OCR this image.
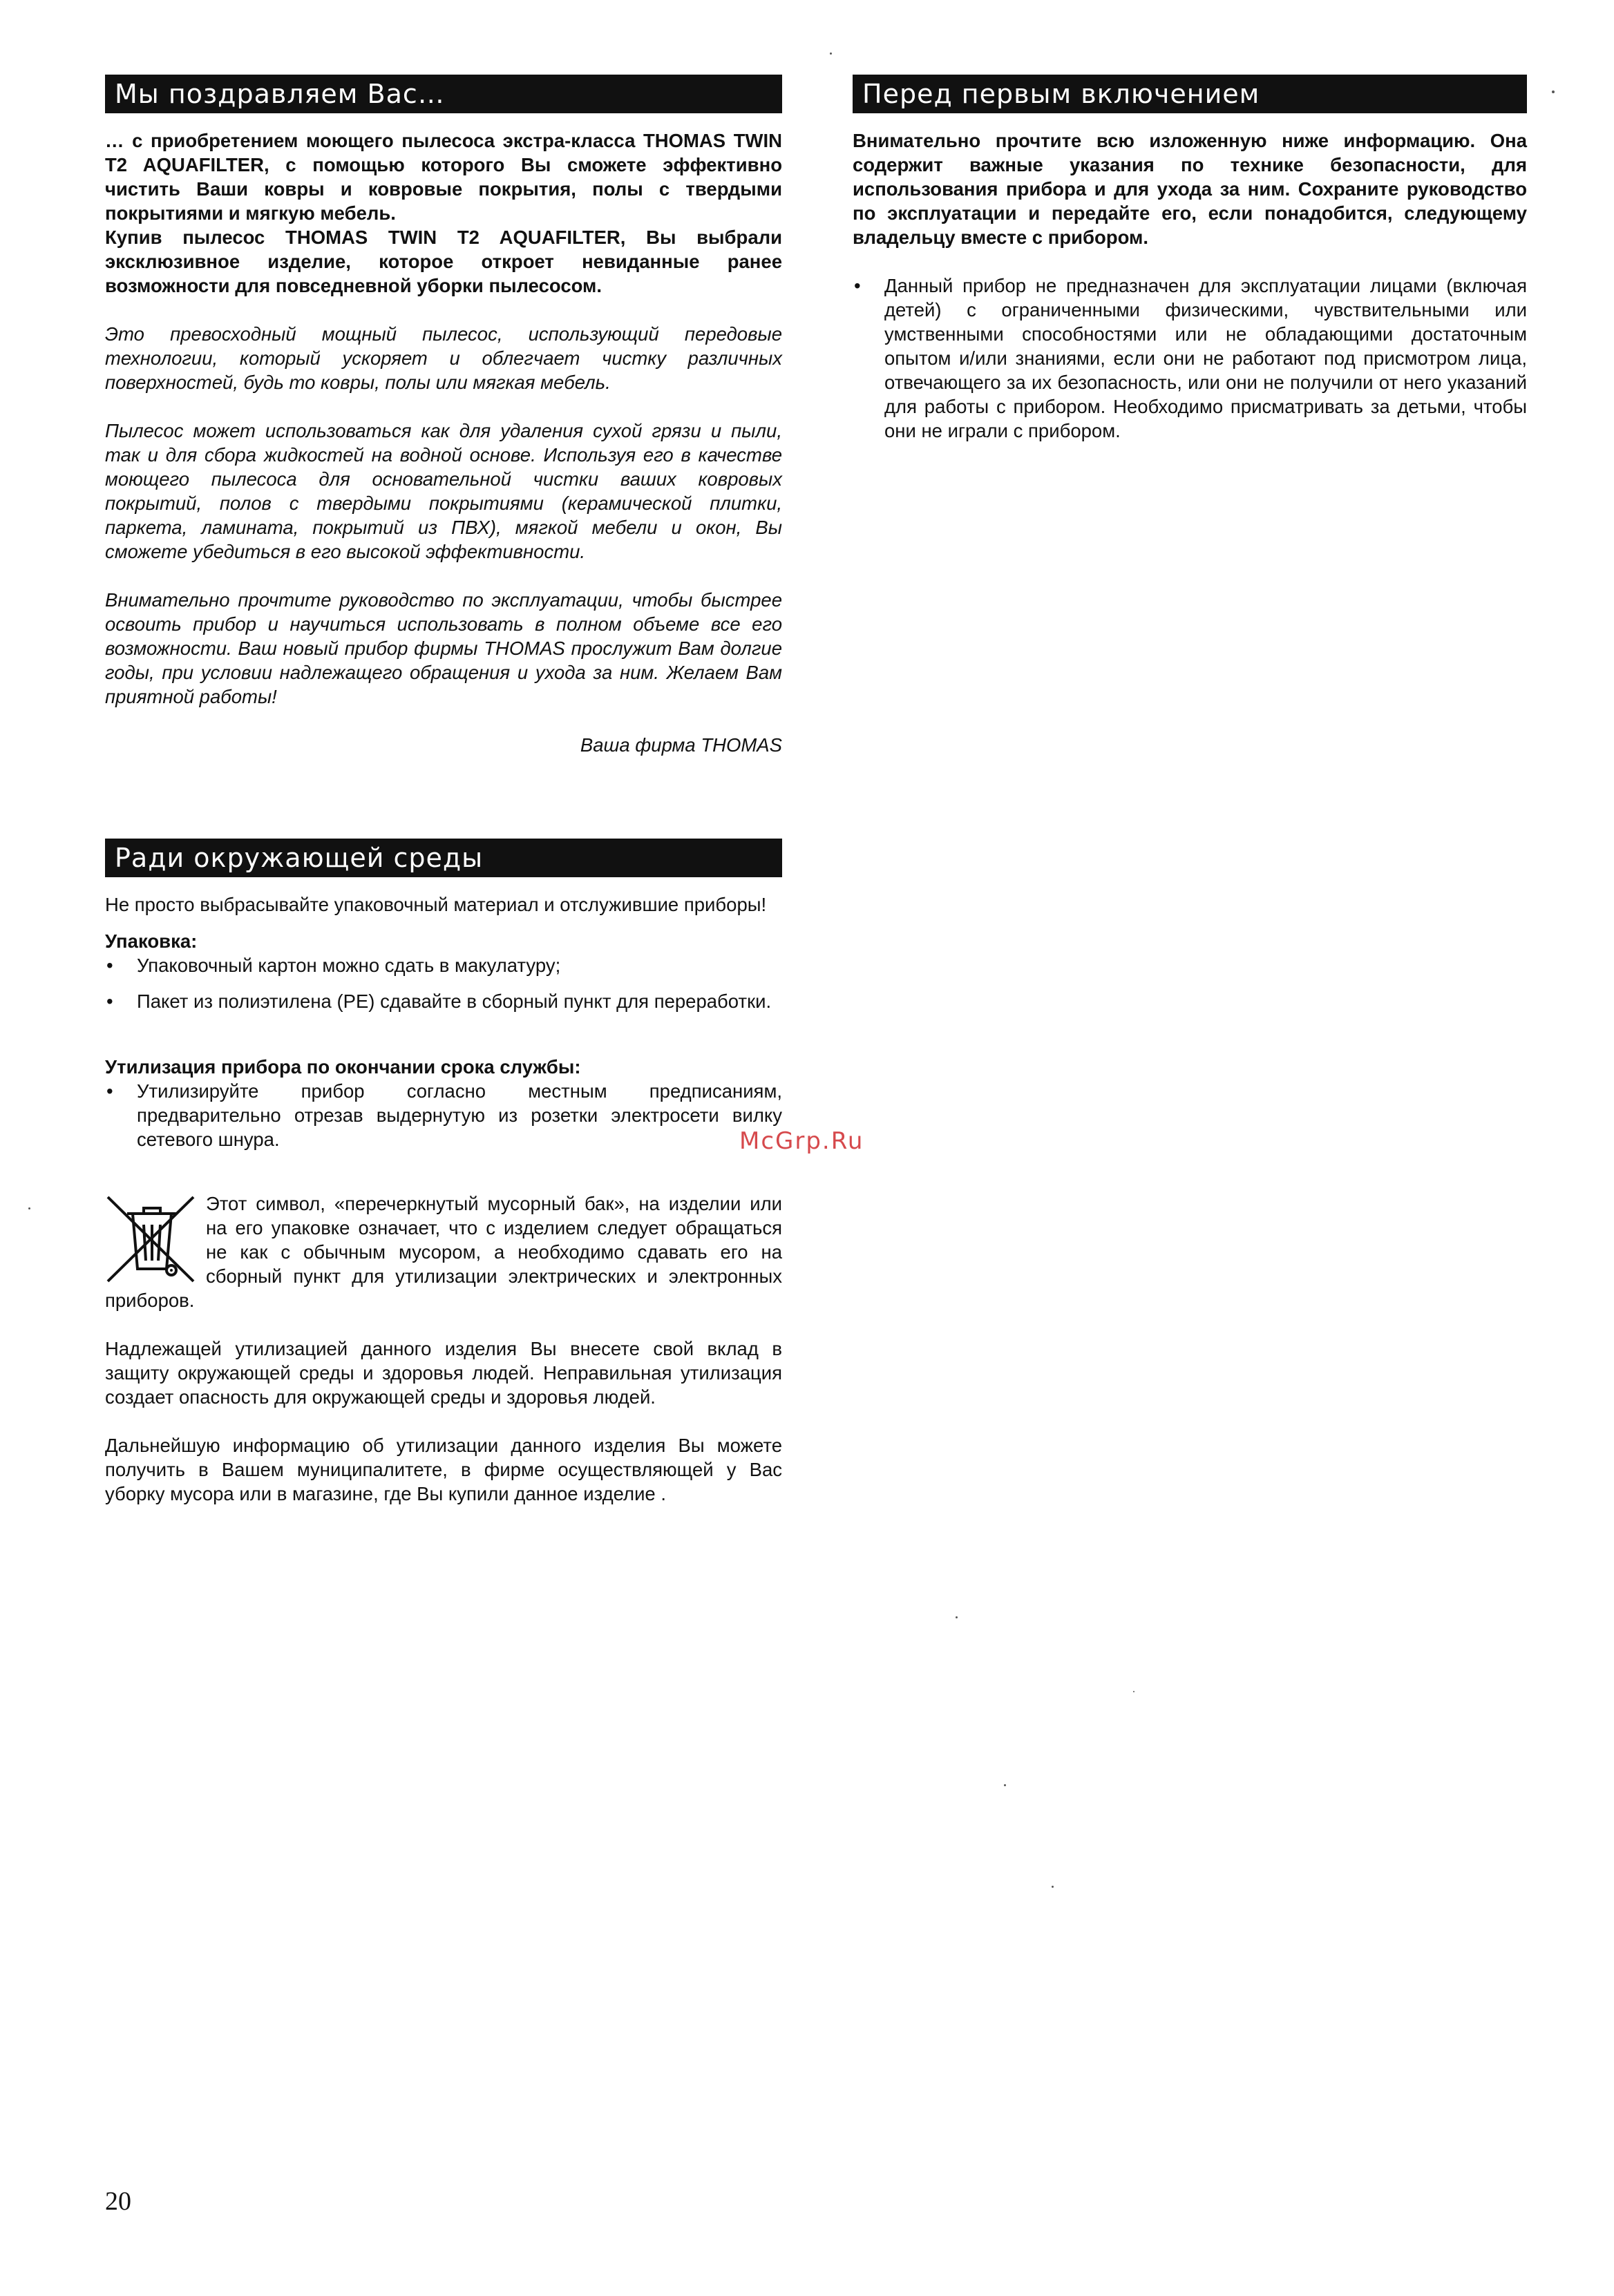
Мы поздравляем Вас…

… с приобретением моющего пылесоса экстра-класса THOMAS TWIN T2 AQUAFILTER, с помощью которого Вы сможете эффективно чистить Ваши ковры и ковровые покрытия, полы с твердыми покрытиями и мягкую мебель.

Купив пылесос THOMAS TWIN T2 AQUAFILTER, Вы выбрали эксклюзивное изделие, которое откроет невиданные ранее возможности для повседневной уборки пылесосом.

Это превосходный мощный пылесос, использующий передовые технологии, который ускоряет и облегчает чистку различных поверхностей, будь то ковры, полы или мягкая мебель.

Пылесос может использоваться как для удаления сухой грязи и пыли, так и для сбора жидкостей на водной основе. Используя его в качестве моющего пылесоса для основательной чистки ваших ковровых покрытий, полов с твердыми покрытиями (керамической плитки, паркета, ламината, покрытий из ПВХ), мягкой мебели и окон, Вы сможете убедиться в его высокой эффективности.

Внимательно прочтите руководство по эксплуатации, чтобы быстрее освоить прибор и научиться использовать в полном объеме все его возможности. Ваш новый прибор фирмы THOMAS прослужит Вам долгие годы, при условии надлежащего обращения и ухода за ним. Желаем Вам приятной работы!

Ваша фирма THOMAS

Ради окружающей среды

Не просто выбрасывайте упаковочный материал и отслужившие приборы!

Упаковка:

• Упаковочный картон можно сдать в макулатуру;
• Пакет из полиэтилена (PE) сдавайте в сборный пункт для переработки.

Утилизация прибора по окончании срока службы:

• Утилизируйте прибор согласно местным предписаниям, предварительно отрезав выдернутую из розетки электросети вилку сетевого шнура.

Этот символ, «перечеркнутый мусорный бак», на изделии или на его упаковке означает, что с изделием следует обращаться не как с обычным мусором, а необходимо сдавать его на сборный пункт для утилизации электрических и электронных приборов.

Надлежащей утилизацией данного изделия Вы внесете свой вклад в защиту окружающей среды и здоровья людей. Неправильная утилизация создает опасность для окружающей среды и здоровья людей.

Дальнейшую информацию об утилизации данного изделия Вы можете получить в Вашем муниципалитете, в фирме осуществляющей у Вас уборку мусора или в магазине, где Вы купили данное изделие .

Перед первым включением

Внимательно прочтите всю изложенную ниже информацию. Она содержит важные указания по технике безопасности, для использования прибора и для ухода за ним. Сохраните руководство по эксплуатации и передайте его, если понадобится, следующему владельцу вместе с прибором.

• Данный прибор не предназначен для эксплуатации лицами (включая детей) с ограниченными физическими, чувствительными или умственными способностями или не обладающими достаточным опытом и/или знаниями, если они не работают под присмотром лица, отвечающего за их безопасность, или они не получили от него указаний для работы с прибором. Необходимо присматривать за детьми, чтобы они не играли с прибором.
McGrp.Ru
20
